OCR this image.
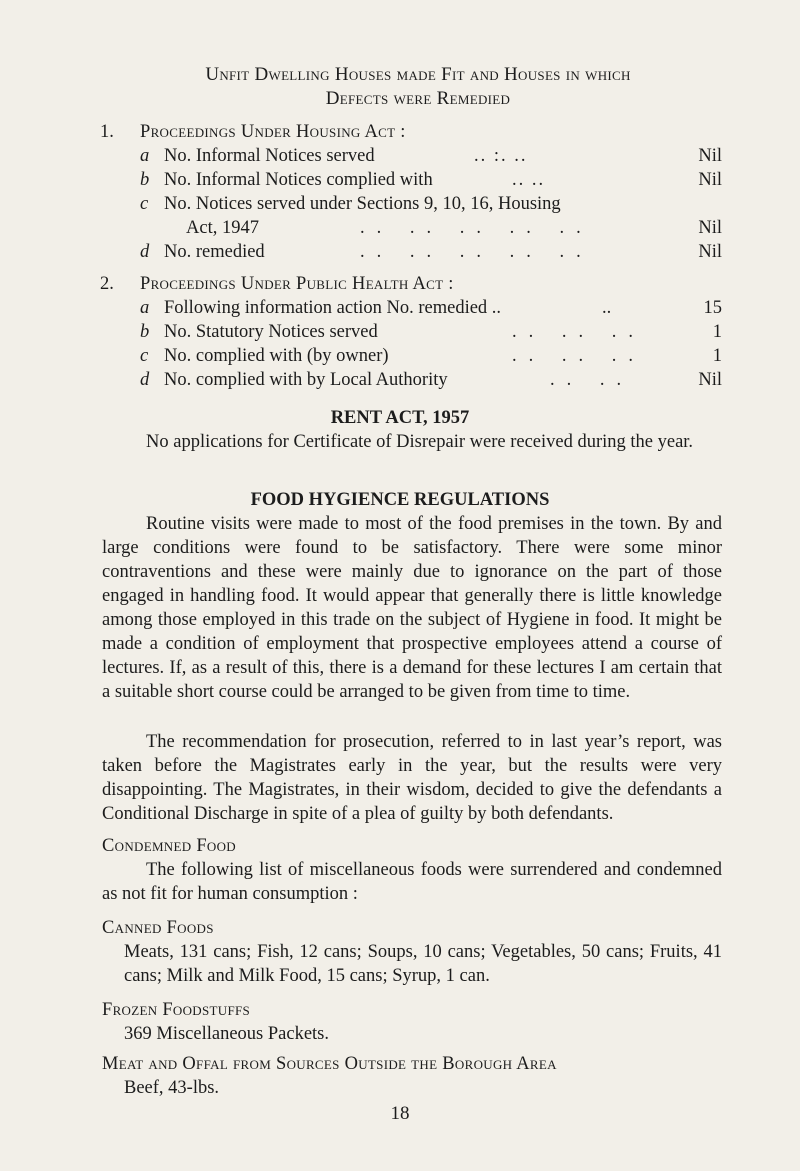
Unfit Dwelling Houses made Fit and Houses in which
Defects were Remedied
1. Proceedings Under Housing Act :
a No. Informal Notices served	.. :. ..	Nil
b No. Informal Notices complied with	.. ..	Nil
c No. Notices served under Sections 9, 10, 16, Housing
Act, 1947	.. .. .. .. ..	Nil
d No. remedied	.. .. .. .. ..	Nil
2. Proceedings Under Public Health Act :
a Following information action No. remedied ..	..	15
b No. Statutory Notices served	.. .. ..	1
c No. complied with (by owner)	.. .. ..	1
d No. complied with by Local Authority	.. ..	Nil
RENT ACT, 1957

No applications for Certificate of Disrepair were received during the year.

FOOD HYGIENCE REGULATIONS

Routine visits were made to most of the food premises in the town. By and large conditions were found to be satisfactory. There were some minor contraventions and these were mainly due to ignorance on the part of those engaged in handling food. It would appear that generally there is little knowledge among those employed in this trade on the subject of Hygiene in food. It might be made a condition of employment that prospective employees attend a course of lectures. If, as a result of this, there is a demand for these lectures I am certain that a suitable short course could be arranged to be given from time to time.

The recommendation for prosecution, referred to in last year’s report, was taken before the Magistrates early in the year, but the results were very disappointing. The Magistrates, in their wisdom, decided to give the defendants a Conditional Discharge in spite of a plea of guilty by both defendants.

Condemned Food

The following list of miscellaneous foods were surrendered and condemned as not fit for human consumption :

Canned Foods

Meats, 131 cans; Fish, 12 cans; Soups, 10 cans; Vegetables, 50 cans; Fruits, 41 cans; Milk and Milk Food, 15 cans; Syrup, 1 can.

Frozen Foodstuffs

369 Miscellaneous Packets.

Meat and Offal from Sources Outside the Borough Area

Beef, 43-lbs.

18
